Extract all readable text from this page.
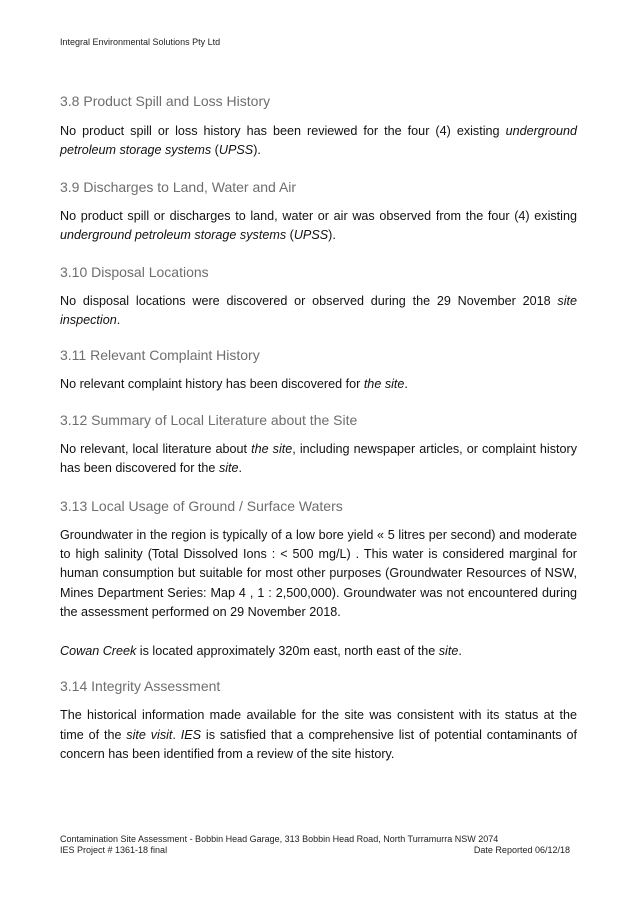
Integral Environmental Solutions Pty Ltd
3.8 Product Spill and Loss History

No product spill or loss history has been reviewed for the four (4) existing underground petroleum storage systems (UPSS).

3.9 Discharges to Land, Water and Air

No product spill or discharges to land, water or air was observed from the four (4) existing underground petroleum storage systems (UPSS).

3.10 Disposal Locations

No disposal locations were discovered or observed during the 29 November 2018 site inspection.

3.11 Relevant Complaint History

No relevant complaint history has been discovered for the site.

3.12 Summary of Local Literature about the Site

No relevant, local literature about the site, including newspaper articles, or complaint history has been discovered for the site.

3.13 Local Usage of Ground / Surface Waters

Groundwater in the region is typically of a low bore yield « 5 litres per second) and moderate to high salinity (Total Dissolved Ions : < 500 mg/L) . This water is considered marginal for human consumption but suitable for most other purposes (Groundwater Resources of NSW, Mines Department Series: Map 4 , 1 : 2,500,000). Groundwater was not encountered during the assessment performed on 29 November 2018.

Cowan Creek is located approximately 320m east, north east of the site.

3.14 Integrity Assessment

The historical information made available for the site was consistent with its status at the time of the site visit. IES is satisfied that a comprehensive list of potential contaminants of concern has been identified from a review of the site history.

Contamination Site Assessment - Bobbin Head Garage, 313 Bobbin Head Road, North Turramurra NSW 2074
IES Project # 1361-18 final	Date Reported 06/12/18
